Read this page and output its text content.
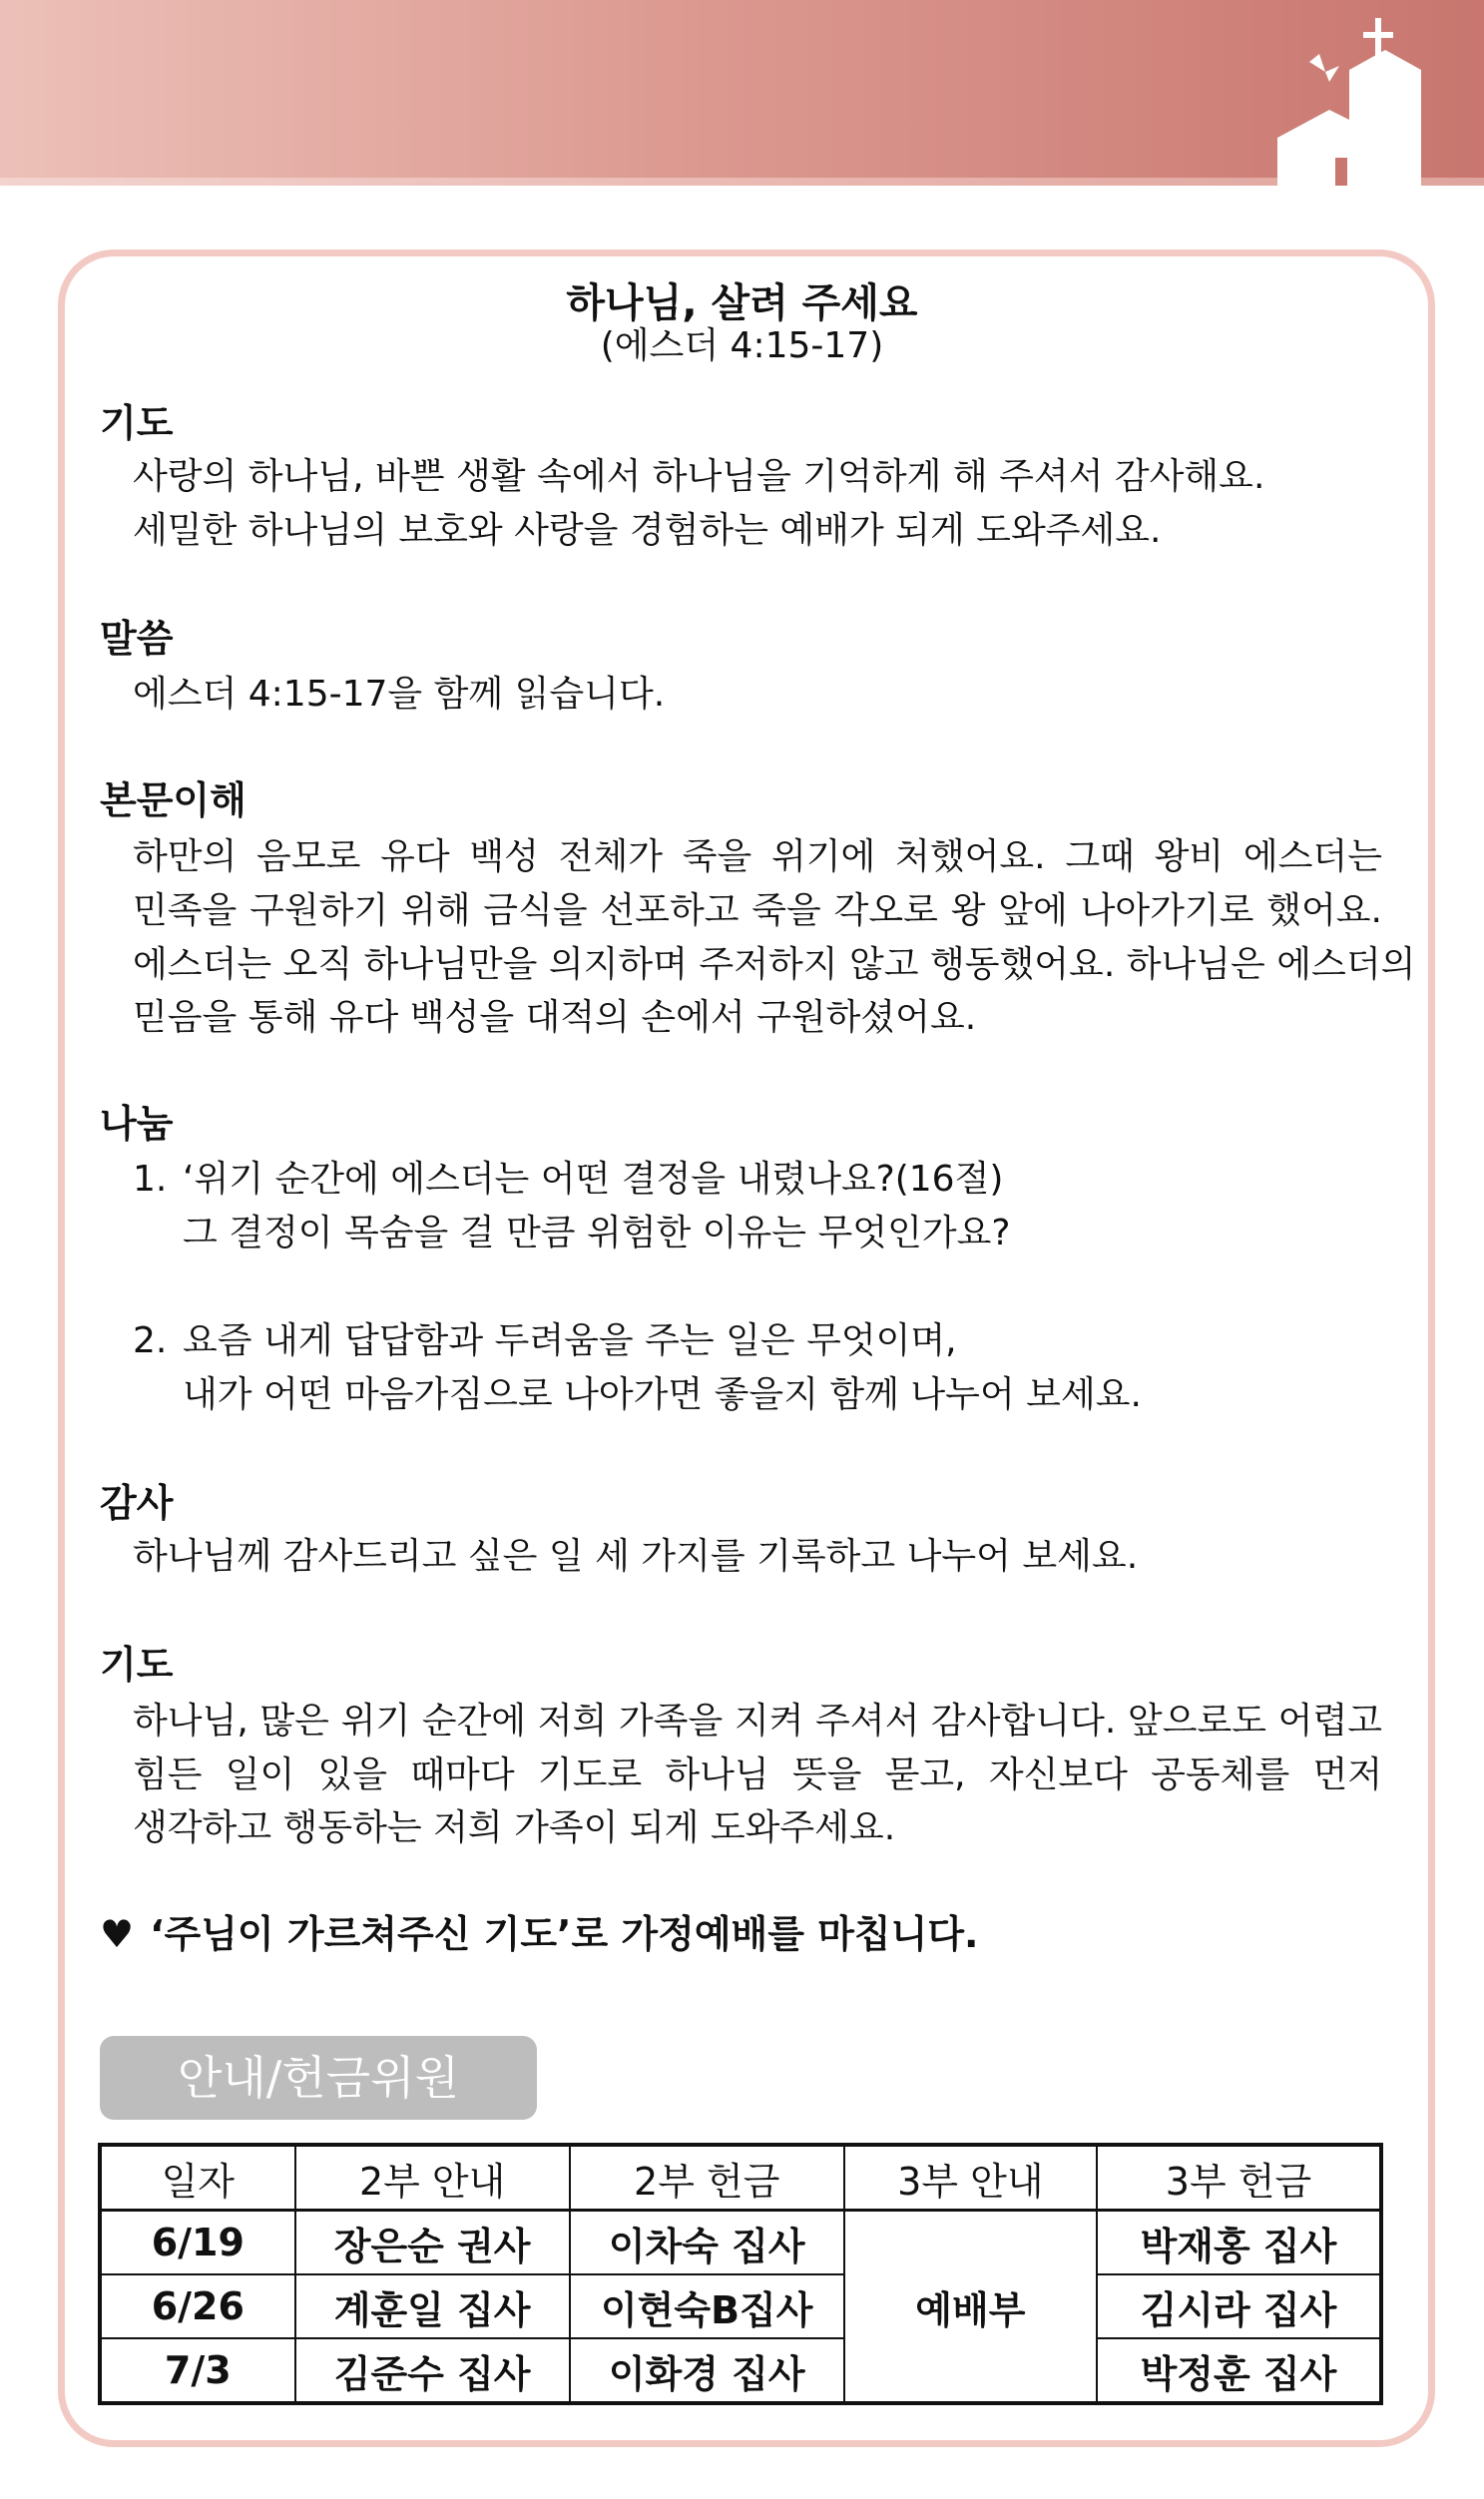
하나님, 살려 주세요
(에스더 4:15-17)
기도
사랑의 하나님, 바쁜 생활 속에서 하나님을 기억하게 해 주셔서 감사해요.
세밀한 하나님의 보호와 사랑을 경험하는 예배가 되게 도와주세요.
말씀
에스더 4:15-17을 함께 읽습니다.
본문이해
하만의 음모로 유다 백성 전체가 죽을 위기에 처했어요. 그때 왕비 에스더는
민족을 구원하기 위해 금식을 선포하고 죽을 각오로 왕 앞에 나아가기로 했어요.
에스더는 오직 하나님만을 의지하며 주저하지 않고 행동했어요. 하나님은 에스더의
믿음을 통해 유다 백성을 대적의 손에서 구원하셨어요.
나눔
1. ‘위기 순간에 에스더는 어떤 결정을 내렸나요?(16절)
그 결정이 목숨을 걸 만큼 위험한 이유는 무엇인가요?
2. 요즘 내게 답답함과 두려움을 주는 일은 무엇이며,
내가 어떤 마음가짐으로 나아가면 좋을지 함께 나누어 보세요.
감사
하나님께 감사드리고 싶은 일 세 가지를 기록하고 나누어 보세요.
기도
하나님, 많은 위기 순간에 저희 가족을 지켜 주셔서 감사합니다. 앞으로도 어렵고
힘든 일이 있을 때마다 기도로 하나님 뜻을 묻고, 자신보다 공동체를 먼저
생각하고 행동하는 저희 가족이 되게 도와주세요.
♥ ‘주님이 가르쳐주신 기도’로 가정예배를 마칩니다.
안내/헌금위원
일자	2부 안내	2부 헌금	3부 안내	3부 헌금
6/19	장은순 권사	이차숙 집사	예배부	박재홍 집사
6/26	계훈일 집사	이현숙B집사		김시라 집사
7/3	김준수 집사	이화경 집사		박정훈 집사
